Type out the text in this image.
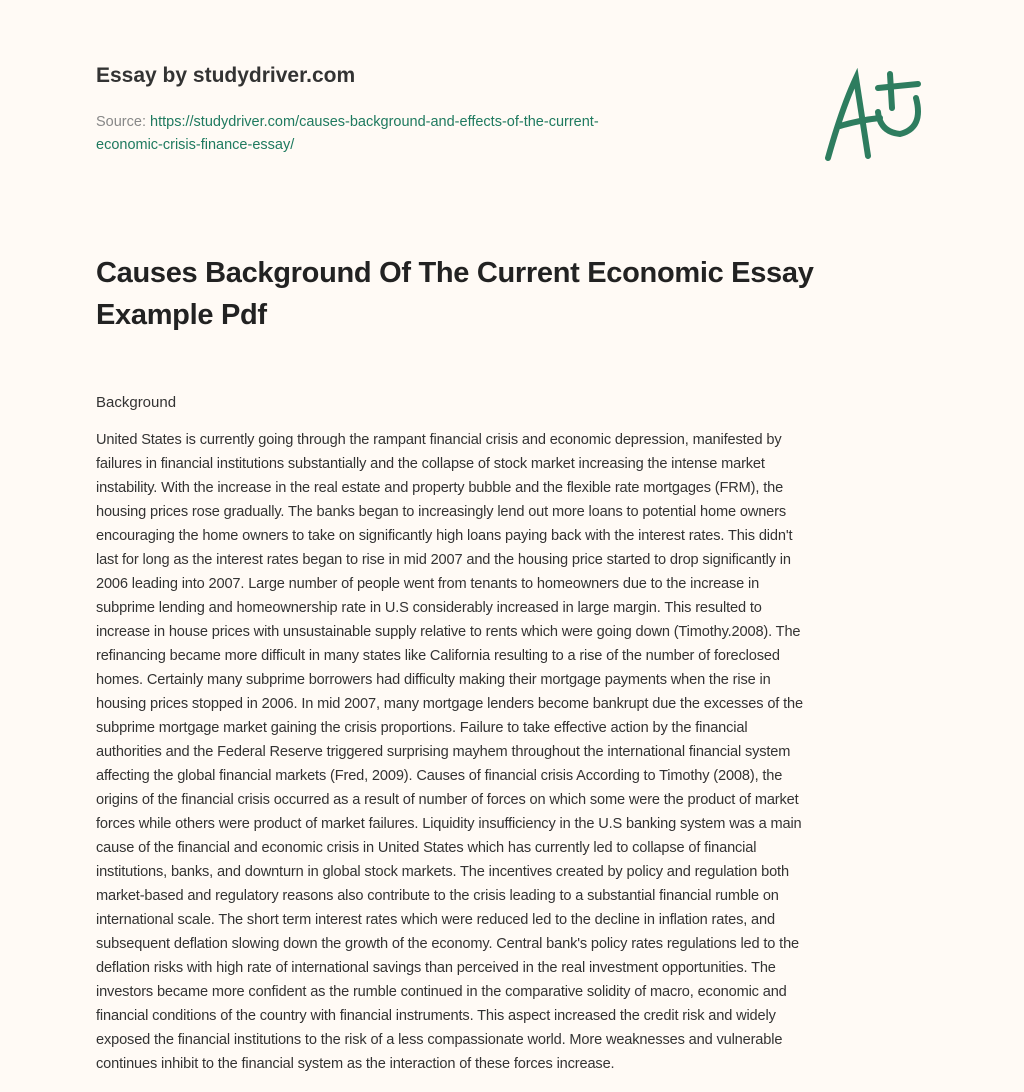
Essay by studydriver.com
Source: https://studydriver.com/causes-background-and-effects-of-the-current-
economic-crisis-finance-essay/
Causes Background Of The Current Economic Essay Example Pdf
Background
United States is currently going through the rampant financial crisis and economic depression, manifested by
failures in financial institutions substantially and the collapse of stock market increasing the intense market
instability. With the increase in the real estate and property bubble and the flexible rate mortgages (FRM), the
housing prices rose gradually. The banks began to increasingly lend out more loans to potential home owners
encouraging the home owners to take on significantly high loans paying back with the interest rates. This didn't
last for long as the interest rates began to rise in mid 2007 and the housing price started to drop significantly in
2006 leading into 2007. Large number of people went from tenants to homeowners due to the increase in
subprime lending and homeownership rate in U.S considerably increased in large margin. This resulted to
increase in house prices with unsustainable supply relative to rents which were going down (Timothy.2008). The
refinancing became more difficult in many states like California resulting to a rise of the number of foreclosed
homes. Certainly many subprime borrowers had difficulty making their mortgage payments when the rise in
housing prices stopped in 2006. In mid 2007, many mortgage lenders become bankrupt due the excesses of the
subprime mortgage market gaining the crisis proportions. Failure to take effective action by the financial
authorities and the Federal Reserve triggered surprising mayhem throughout the international financial system
affecting the global financial markets (Fred, 2009). Causes of financial crisis According to Timothy (2008), the
origins of the financial crisis occurred as a result of number of forces on which some were the product of market
forces while others were product of market failures. Liquidity insufficiency in the U.S banking system was a main
cause of the financial and economic crisis in United States which has currently led to collapse of financial
institutions, banks, and downturn in global stock markets. The incentives created by policy and regulation both
market-based and regulatory reasons also contribute to the crisis leading to a substantial financial rumble on
international scale. The short term interest rates which were reduced led to the decline in inflation rates, and
subsequent deflation slowing down the growth of the economy. Central bank's policy rates regulations led to the
deflation risks with high rate of international savings than perceived in the real investment opportunities. The
investors became more confident as the rumble continued in the comparative solidity of macro, economic and
financial conditions of the country with financial instruments. This aspect increased the credit risk and widely
exposed the financial institutions to the risk of a less compassionate world. More weaknesses and vulnerable
continues inhibit to the financial system as the interaction of these forces increase.
